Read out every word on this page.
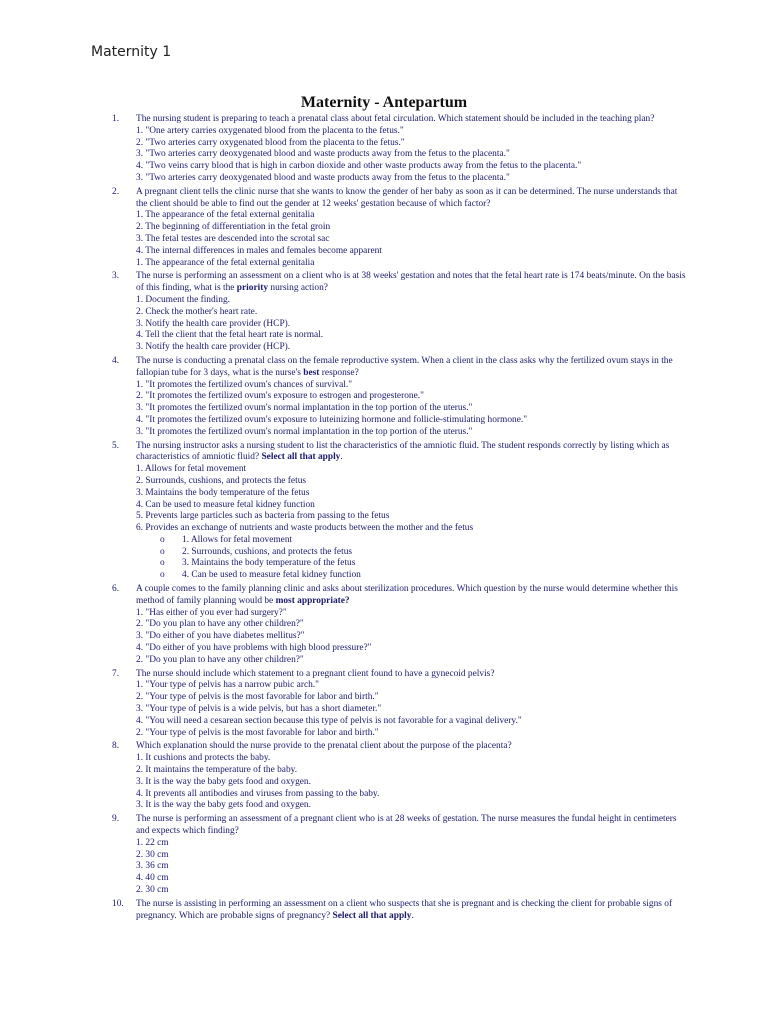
Maternity 1
Maternity - Antepartum
1. The nursing student is preparing to teach a prenatal class about fetal circulation. Which statement should be included in the teaching plan?
1. "One artery carries oxygenated blood from the placenta to the fetus."
2. "Two arteries carry oxygenated blood from the placenta to the fetus."
3. "Two arteries carry deoxygenated blood and waste products away from the fetus to the placenta."
4. "Two veins carry blood that is high in carbon dioxide and other waste products away from the fetus to the placenta."
3. "Two arteries carry deoxygenated blood and waste products away from the fetus to the placenta."
2. A pregnant client tells the clinic nurse that she wants to know the gender of her baby as soon as it can be determined. The nurse understands that the client should be able to find out the gender at 12 weeks' gestation because of which factor?
1. The appearance of the fetal external genitalia
2. The beginning of differentiation in the fetal groin
3. The fetal testes are descended into the scrotal sac
4. The internal differences in males and females become apparent
1. The appearance of the fetal external genitalia
3. The nurse is performing an assessment on a client who is at 38 weeks' gestation and notes that the fetal heart rate is 174 beats/minute. On the basis of this finding, what is the priority nursing action?
1. Document the finding.
2. Check the mother's heart rate.
3. Notify the health care provider (HCP).
4. Tell the client that the fetal heart rate is normal.
3. Notify the health care provider (HCP).
4. The nurse is conducting a prenatal class on the female reproductive system. When a client in the class asks why the fertilized ovum stays in the fallopian tube for 3 days, what is the nurse's best response?
1. "It promotes the fertilized ovum's chances of survival."
2. "It promotes the fertilized ovum's exposure to estrogen and progesterone."
3. "It promotes the fertilized ovum's normal implantation in the top portion of the uterus."
4. "It promotes the fertilized ovum's exposure to luteinizing hormone and follicle-stimulating hormone."
3. "It promotes the fertilized ovum's normal implantation in the top portion of the uterus."
5. The nursing instructor asks a nursing student to list the characteristics of the amniotic fluid. The student responds correctly by listing which as characteristics of amniotic fluid? Select all that apply.
1. Allows for fetal movement
2. Surrounds, cushions, and protects the fetus
3. Maintains the body temperature of the fetus
4. Can be used to measure fetal kidney function
5. Prevents large particles such as bacteria from passing to the fetus
6. Provides an exchange of nutrients and waste products between the mother and the fetus
o 1. Allows for fetal movement
o 2. Surrounds, cushions, and protects the fetus
o 3. Maintains the body temperature of the fetus
o 4. Can be used to measure fetal kidney function
6. A couple comes to the family planning clinic and asks about sterilization procedures. Which question by the nurse would determine whether this method of family planning would be most appropriate?
1. "Has either of you ever had surgery?"
2. "Do you plan to have any other children?"
3. "Do either of you have diabetes mellitus?"
4. "Do either of you have problems with high blood pressure?"
2. "Do you plan to have any other children?"
7. The nurse should include which statement to a pregnant client found to have a gynecoid pelvis?
1. "Your type of pelvis has a narrow pubic arch."
2. "Your type of pelvis is the most favorable for labor and birth."
3. "Your type of pelvis is a wide pelvis, but has a short diameter."
4. "You will need a cesarean section because this type of pelvis is not favorable for a vaginal delivery."
2. "Your type of pelvis is the most favorable for labor and birth."
8. Which explanation should the nurse provide to the prenatal client about the purpose of the placenta?
1. It cushions and protects the baby.
2. It maintains the temperature of the baby.
3. It is the way the baby gets food and oxygen.
4. It prevents all antibodies and viruses from passing to the baby.
3. It is the way the baby gets food and oxygen.
9. The nurse is performing an assessment of a pregnant client who is at 28 weeks of gestation. The nurse measures the fundal height in centimeters and expects which finding?
1. 22 cm
2. 30 cm
3. 36 cm
4. 40 cm
2. 30 cm
10. The nurse is assisting in performing an assessment on a client who suspects that she is pregnant and is checking the client for probable signs of pregnancy. Which are probable signs of pregnancy? Select all that apply.
